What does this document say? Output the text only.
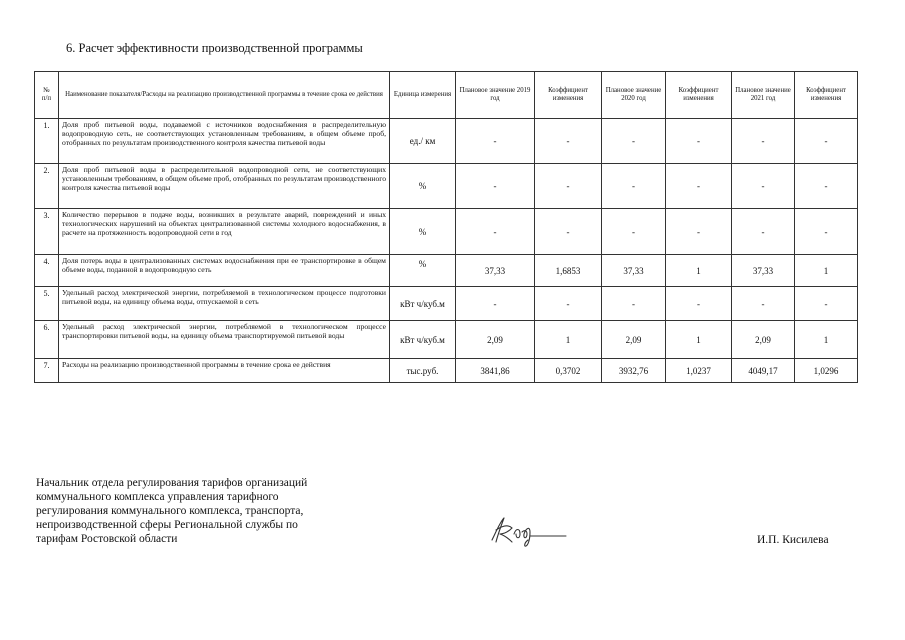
6. Расчет эффективности производственной программы
№
п/п	Наименование показателя/Расходы на реализацию производственной программы в течение срока ее действия	Единица измерения	Плановое значение 2019 год	Коэффициент изменения	Плановое значение 2020 год	Коэффициент изменения	Плановое значение 2021 год	Коэффициент изменения
1.	Доля проб питьевой воды, подаваемой с источников водоснабжения в распределительную водопроводную сеть, не соответствующих установленным требованиям, в общем объеме проб, отобранных по результатам производственного контроля качества питьевой воды	ед./ км	-	-	-	-	-	-
2.	Доля проб питьевой воды в распределительной водопроводной сети, не соответствующих установленным требованиям, в общем объеме проб, отобранных по результатам производственного контроля качества питьевой воды	%	-	-	-	-	-	-
3.	Количество перерывов в подаче воды, возникших в результате аварий, повреждений и иных технологических нарушений на объектах централизованной системы холодного водоснабжения, в расчете на протяженность водопроводной сети в год	%	-	-	-	-	-	-
4.	Доля потерь воды в централизованных системах водоснабжения при ее транспортировке в общем объеме воды, поданной в водопроводную сеть	%	37,33	1,6853	37,33	1	37,33	1
5.	Удельный расход электрической энергии, потребляемой в технологическом процессе подготовки питьевой воды, на единицу объема воды, отпускаемой в сеть	кВт ч/куб.м	-	-	-	-	-	-
6.	Удельный расход электрической энергии, потребляемой в технологическом процессе транспортировки питьевой воды, на единицу объема транспортируемой питьевой воды	кВт ч/куб.м	2,09	1	2,09	1	2,09	1
7.	Расходы на реализацию производственной программы в течение срока ее действия	тыс.руб.	3841,86	0,3702	3932,76	1,0237	4049,17	1,0296
Начальник отдела регулирования тарифов организаций
коммунального комплекса управления тарифного
регулирования коммунального комплекса, транспорта,
непроизводственной сферы Региональной службы по
тарифам Ростовской области	И.П. Кисилева
